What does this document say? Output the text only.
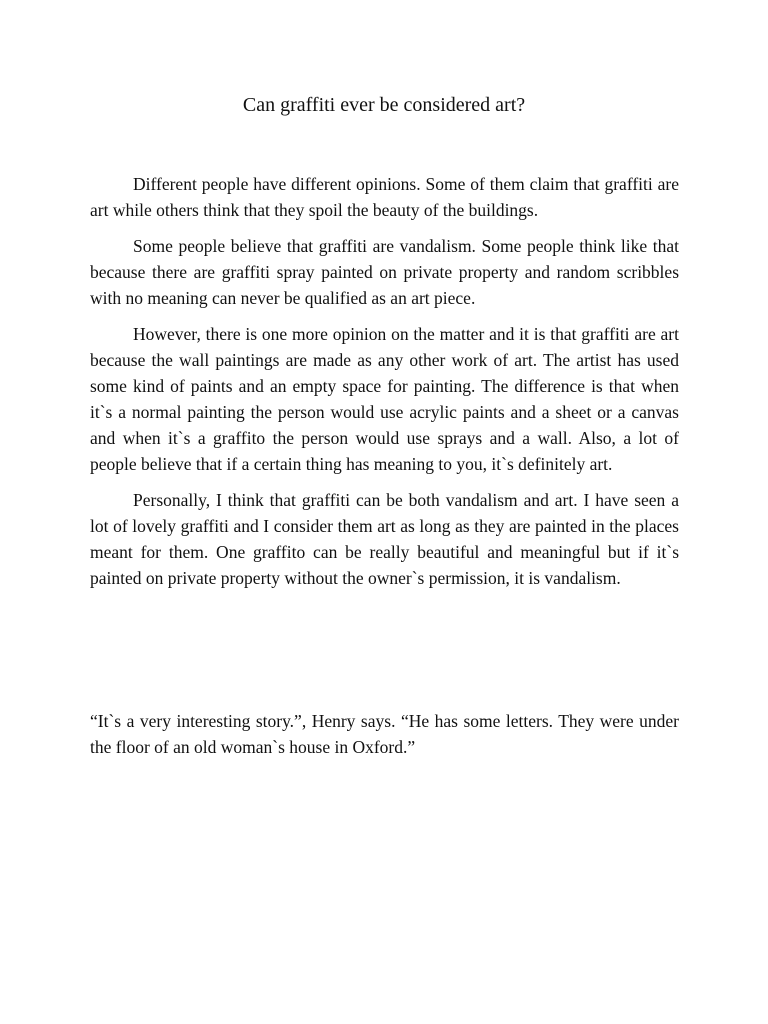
Can graffiti ever be considered art?

Different people have different opinions. Some of them claim that graffiti are art while others think that they spoil the beauty of the buildings.

Some people believe that graffiti are vandalism. Some people think like that because there are graffiti spray painted on private property and random scribbles with no meaning can never be qualified as an art piece.

However, there is one more opinion on the matter and it is that graffiti are art because the wall paintings are made as any other work of art. The artist has used some kind of paints and an empty space for painting. The difference is that when it`s a normal painting the person would use acrylic paints and a sheet or a canvas and when it`s a graffito the person would use sprays and a wall. Also, a lot of people believe that if a certain thing has meaning to you, it`s definitely art.

Personally, I think that graffiti can be both vandalism and art. I have seen a lot of lovely graffiti and I consider them art as long as they are painted in the places meant for them. One graffito can be really beautiful and meaningful but if it`s painted on private property without the owner`s permission, it is vandalism.

“It`s a very interesting story.”, Henry says. “He has some letters. They were under the floor of an old woman`s house in Oxford.”
